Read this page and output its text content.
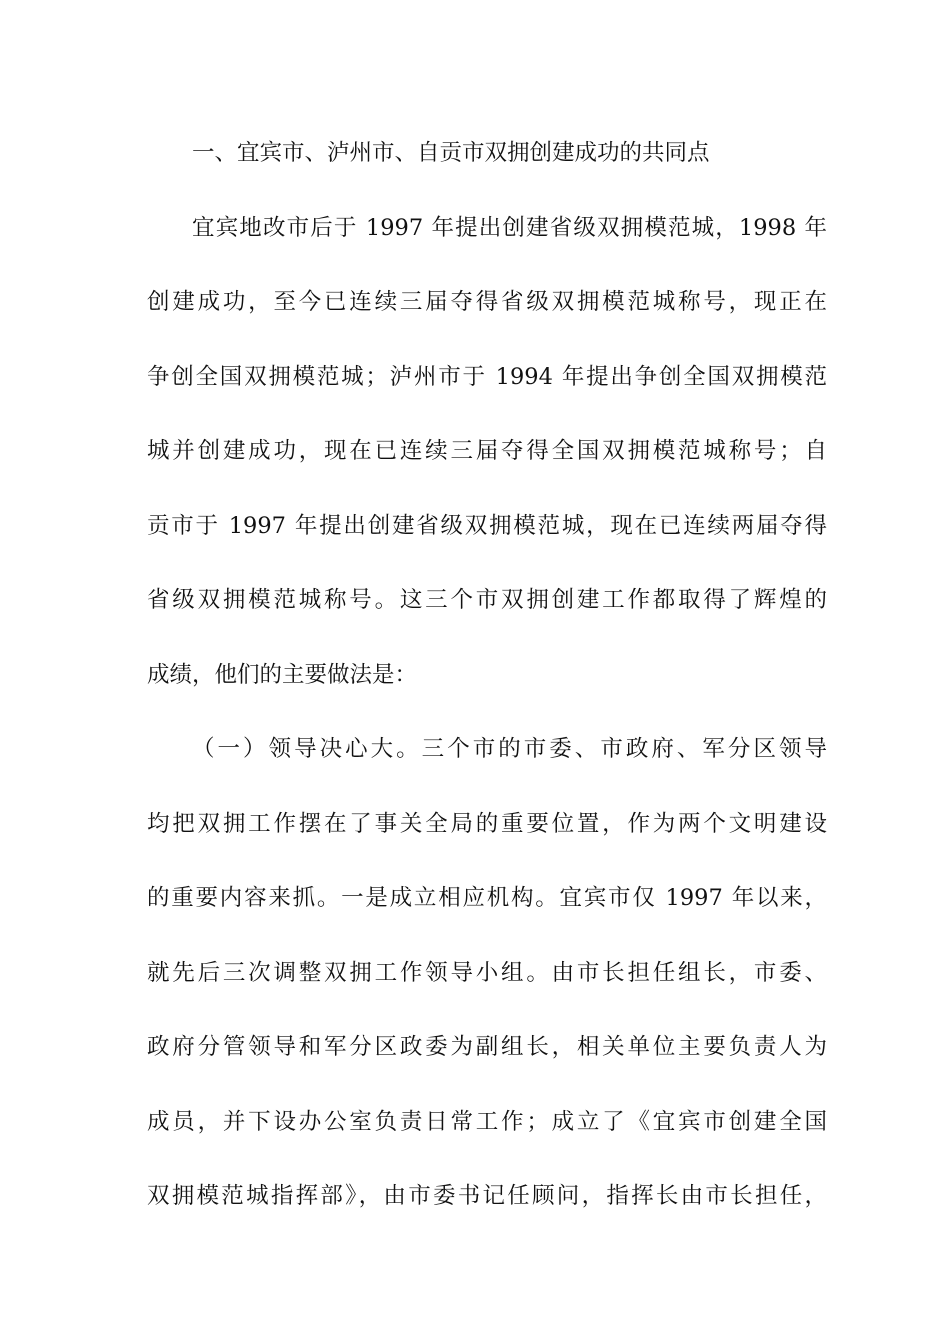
一、宜宾市、泸州市、自贡市双拥创建成功的共同点
宜宾地改市后于 1997 年提出创建省级双拥模范城，1998 年
创建成功，至今已连续三届夺得省级双拥模范城称号，现正在
争创全国双拥模范城；泸州市于 1994 年提出争创全国双拥模范
城并创建成功，现在已连续三届夺得全国双拥模范城称号；自
贡市于 1997 年提出创建省级双拥模范城，现在已连续两届夺得
省级双拥模范城称号。这三个市双拥创建工作都取得了辉煌的
成绩，他们的主要做法是：
（一）领导决心大。三个市的市委、市政府、军分区领导
均把双拥工作摆在了事关全局的重要位置，作为两个文明建设
的重要内容来抓。一是成立相应机构。宜宾市仅 1997 年以来，
就先后三次调整双拥工作领导小组。由市长担任组长，市委、
政府分管领导和军分区政委为副组长，相关单位主要负责人为
成员，并下设办公室负责日常工作；成立了《宜宾市创建全国
双拥模范城指挥部》，由市委书记任顾问，指挥长由市长担任，
